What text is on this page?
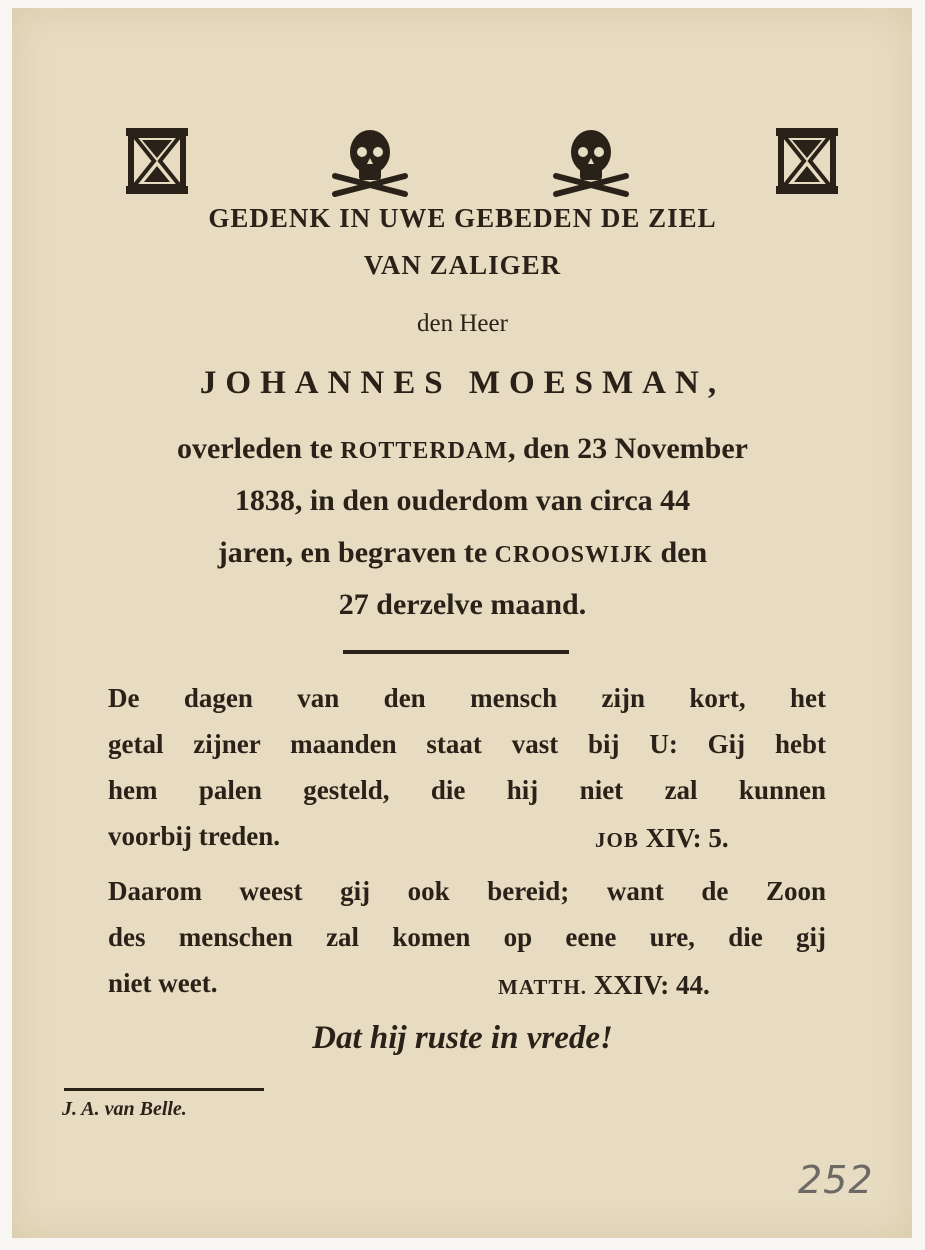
GEDENK IN UWE GEBEDEN DE ZIEL
VAN ZALIGER
den Heer
JOHANNES MOESMAN,
overleden te ROTTERDAM, den 23 November
1838, in den ouderdom van circa 44
jaren, en begraven te CROOSWIJK den
27 derzelve maand.
De dagen van den mensch zijn kort, het
getal zijner maanden staat vast bij U: Gij hebt
hem palen gesteld, die hij niet zal kunnen
voorbij treden.	JOB XIV: 5.
Daarom weest gij ook bereid; want de Zoon
des menschen zal komen op eene ure, die gij
niet weet.	MATTH. XXIV: 44.
Dat hij ruste in vrede!
J. A. van Belle.
252
